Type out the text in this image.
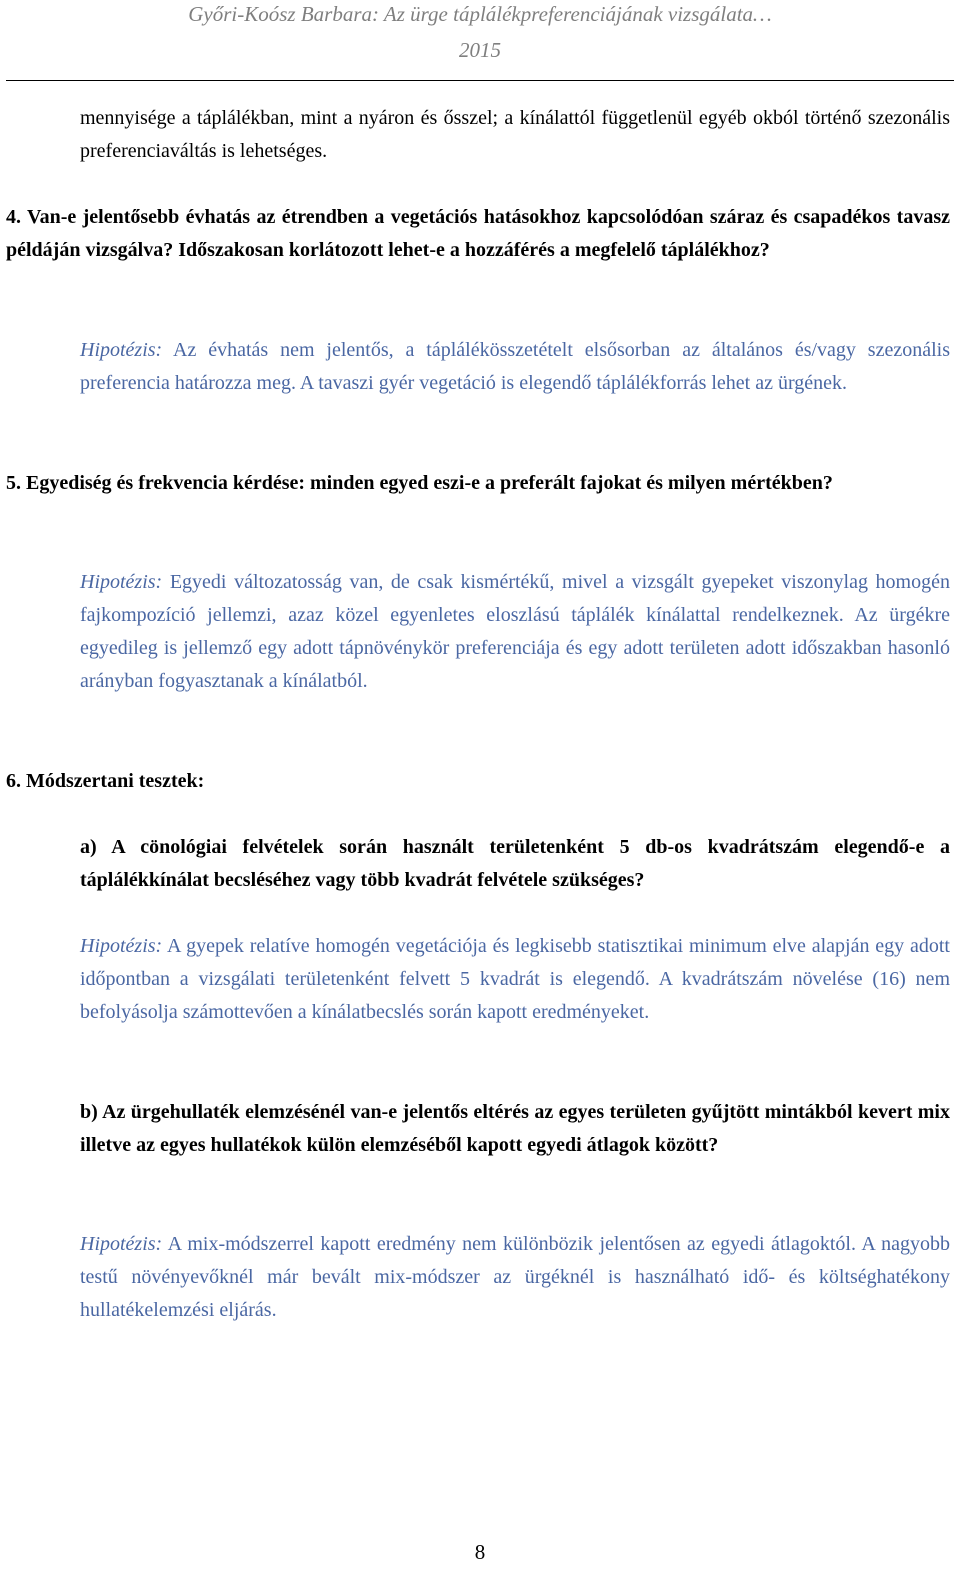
Győri-Koósz Barbara: Az ürge táplálékpreferenciájának vizsgálata…
2015

mennyisége a táplálékban, mint a nyáron és ősszel; a kínálattól függetlenül egyéb okból történő szezonális preferenciaváltás is lehetséges.

4. Van-e jelentősebb évhatás az étrendben a vegetációs hatásokhoz kapcsolódóan száraz és csapadékos tavasz példáján vizsgálva? Időszakosan korlátozott lehet-e a hozzáférés a megfelelő táplálékhoz?

Hipotézis: Az évhatás nem jelentős, a táplálékösszetételt elsősorban az általános és/vagy szezonális preferencia határozza meg. A tavaszi gyér vegetáció is elegendő táplálékforrás lehet az ürgének.

5. Egyediség és frekvencia kérdése: minden egyed eszi-e a preferált fajokat és milyen mértékben?

Hipotézis: Egyedi változatosság van, de csak kismértékű, mivel a vizsgált gyepeket viszonylag homogén fajkompozíció jellemzi, azaz közel egyenletes eloszlású táplálék kínálattal rendelkeznek. Az ürgékre egyedileg is jellemző egy adott tápnövénykör preferenciája és egy adott területen adott időszakban hasonló arányban fogyasztanak a kínálatból.

6. Módszertani tesztek:

a) A cönológiai felvételek során használt területenként 5 db-os kvadrátszám elegendő-e a táplálékkínálat becsléséhez vagy több kvadrát felvétele szükséges?

Hipotézis: A gyepek relatíve homogén vegetációja és legkisebb statisztikai minimum elve alapján egy adott időpontban a vizsgálati területenként felvett 5 kvadrát is elegendő. A kvadrátszám növelése (16) nem befolyásolja számottevően a kínálatbecslés során kapott eredményeket.

b) Az ürgehullaték elemzésénél van-e jelentős eltérés az egyes területen gyűjtött mintákból kevert mix illetve az egyes hullatékok külön elemzéséből kapott egyedi átlagok között?

Hipotézis: A mix-módszerrel kapott eredmény nem különbözik jelentősen az egyedi átlagoktól. A nagyobb testű növényevőknél már bevált mix-módszer az ürgéknél is használható idő- és költséghatékony hullatékelemzési eljárás.

8
